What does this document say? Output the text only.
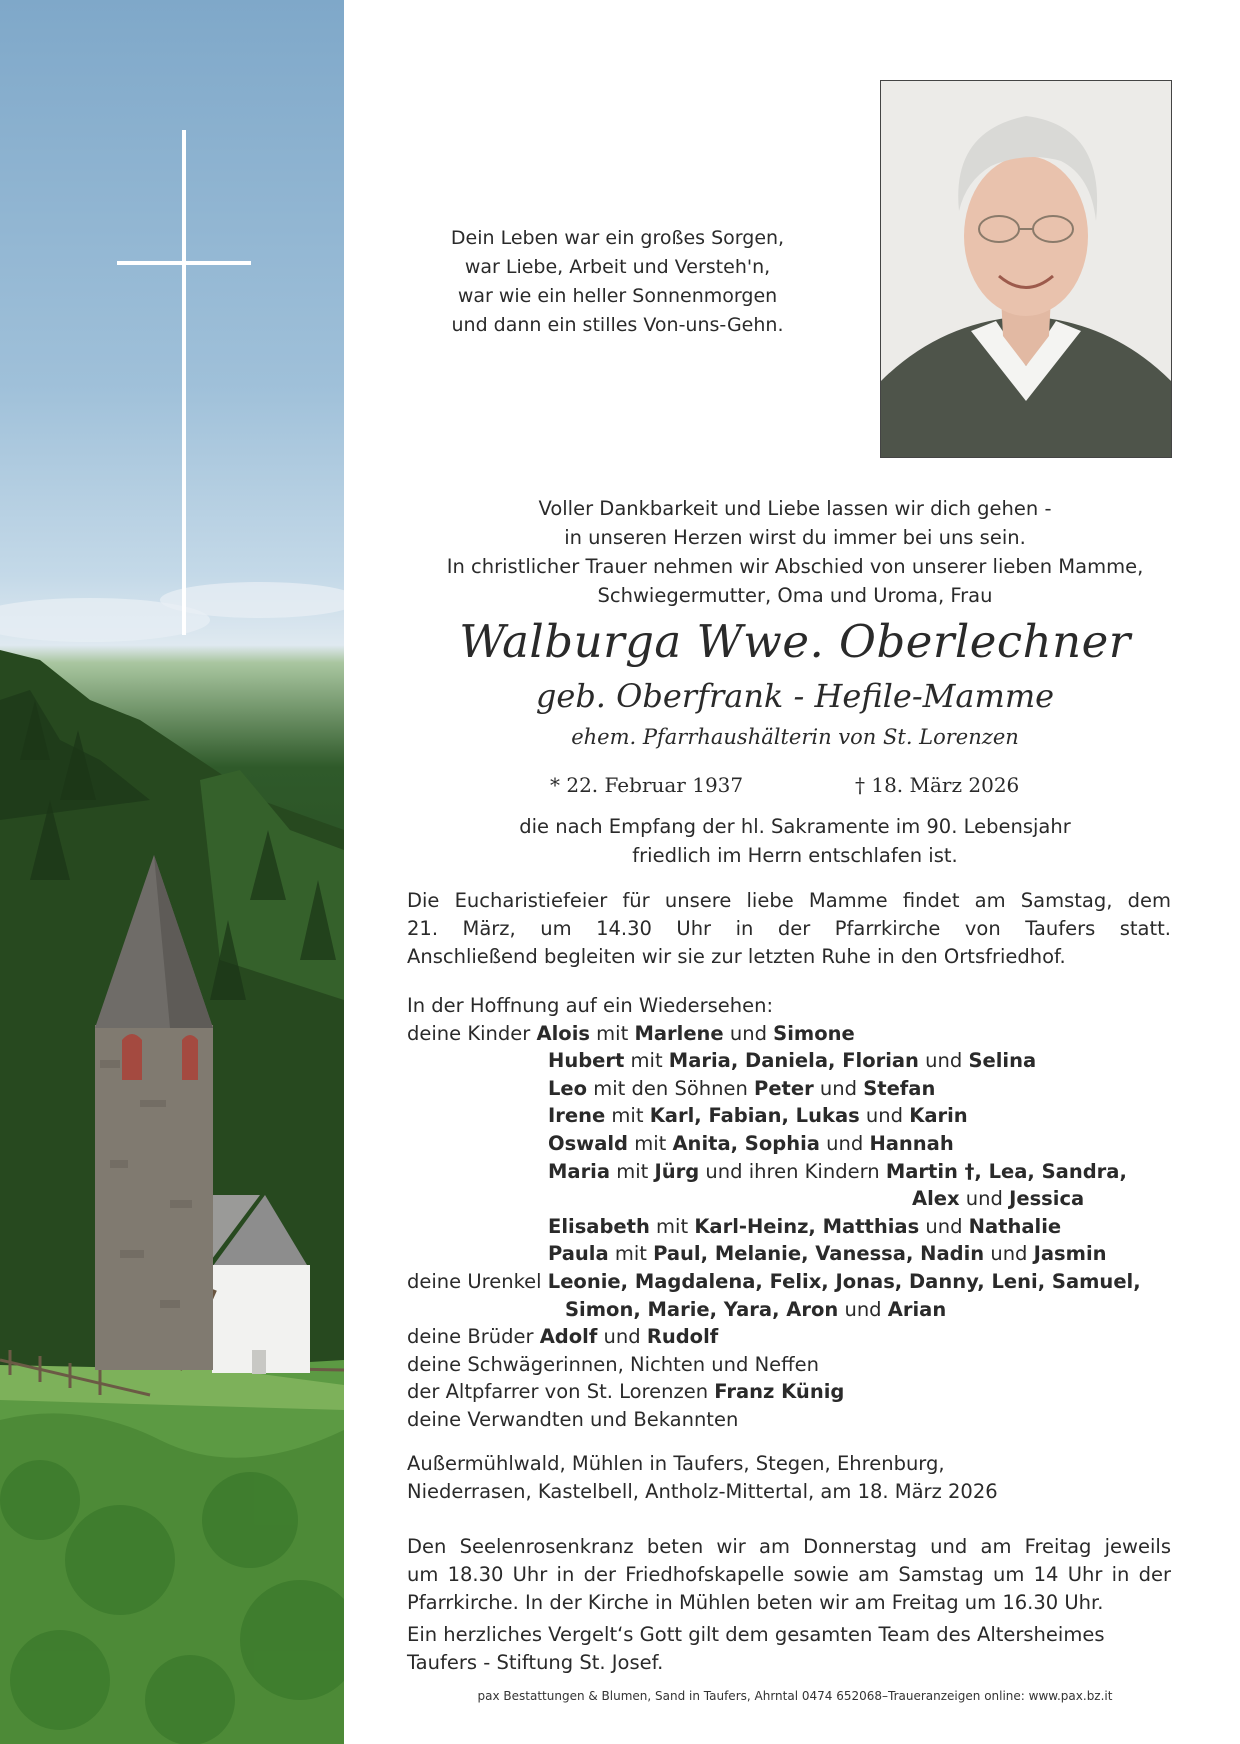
Dein Leben war ein großes Sorgen,
war Liebe, Arbeit und Versteh'n,
war wie ein heller Sonnenmorgen
und dann ein stilles Von-uns-Gehn.
Voller Dankbarkeit und Liebe lassen wir dich gehen -
in unseren Herzen wirst du immer bei uns sein.
In christlicher Trauer nehmen wir Abschied von unserer lieben Mamme,
Schwiegermutter, Oma und Uroma, Frau
Walburga Wwe. Oberlechner
geb. Oberfrank - Hefile-Mamme
ehem. Pfarrhaushälterin von St. Lorenzen
* 22. Februar 1937	† 18. März 2026
die nach Empfang der hl. Sakramente im 90. Lebensjahr
friedlich im Herrn entschlafen ist.
Die Eucharistiefeier für unsere liebe Mamme findet am Samstag, dem
21. März, um 14.30 Uhr in der Pfarrkirche von Taufers statt.
Anschließend begleiten wir sie zur letzten Ruhe in den Ortsfriedhof.
In der Hoffnung auf ein Wiedersehen:
deine Kinder Alois mit Marlene und Simone
Hubert mit Maria, Daniela, Florian und Selina
Leo mit den Söhnen Peter und Stefan
Irene mit Karl, Fabian, Lukas und Karin
Oswald mit Anita, Sophia und Hannah
Maria mit Jürg und ihren Kindern Martin †, Lea, Sandra,
Alex und Jessica
Elisabeth mit Karl-Heinz, Matthias und Nathalie
Paula mit Paul, Melanie, Vanessa, Nadin und Jasmin
deine Urenkel Leonie, Magdalena, Felix, Jonas, Danny, Leni, Samuel,
Simon, Marie, Yara, Aron und Arian
deine Brüder Adolf und Rudolf
deine Schwägerinnen, Nichten und Neffen
der Altpfarrer von St. Lorenzen Franz Künig
deine Verwandten und Bekannten
Außermühlwald, Mühlen in Taufers, Stegen, Ehrenburg,
Niederrasen, Kastelbell, Antholz-Mittertal, am 18. März 2026
Den Seelenrosenkranz beten wir am Donnerstag und am Freitag jeweils
um 18.30 Uhr in der Friedhofskapelle sowie am Samstag um 14 Uhr in der
Pfarrkirche. In der Kirche in Mühlen beten wir am Freitag um 16.30 Uhr.
Ein herzliches Vergelt‘s Gott gilt dem gesamten Team des Altersheimes
Taufers - Stiftung St. Josef.
pax Bestattungen & Blumen, Sand in Taufers, Ahrntal 0474 652068–Traueranzeigen online: www.pax.bz.it
